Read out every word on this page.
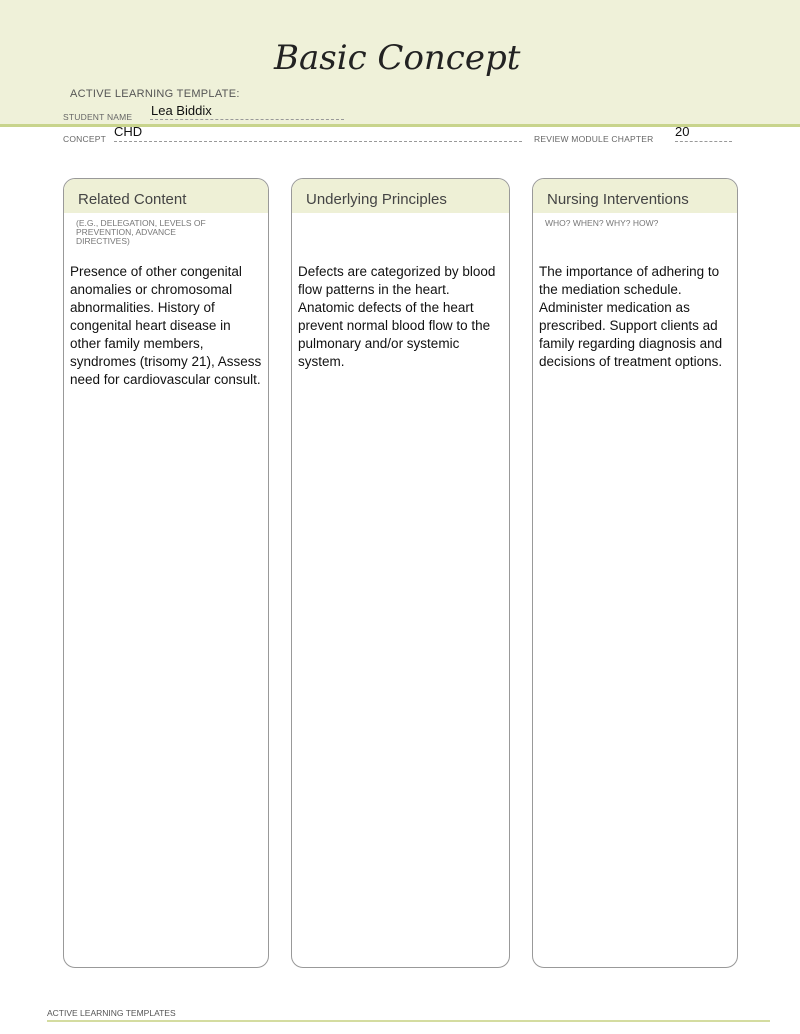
ACTIVE LEARNING TEMPLATE:
Basic Concept
STUDENT NAME Lea Biddix
CONCEPT CHD	REVIEW MODULE CHAPTER 20
Related Content
(E.G., DELEGATION, LEVELS OF PREVENTION, ADVANCE DIRECTIVES)
Presence of other congenital anomalies or chromosomal abnormalities. History of congenital heart disease in other family members, syndromes (trisomy 21), Assess need for cardiovascular consult.
Underlying Principles
Defects are categorized by blood flow patterns in the heart. Anatomic defects of the heart prevent normal blood flow to the pulmonary and/or systemic system.
Nursing Interventions
WHO? WHEN? WHY? HOW?
The importance of adhering to the mediation schedule. Administer medication as prescribed. Support clients ad family regarding diagnosis and decisions of treatment options.
ACTIVE LEARNING TEMPLATES
